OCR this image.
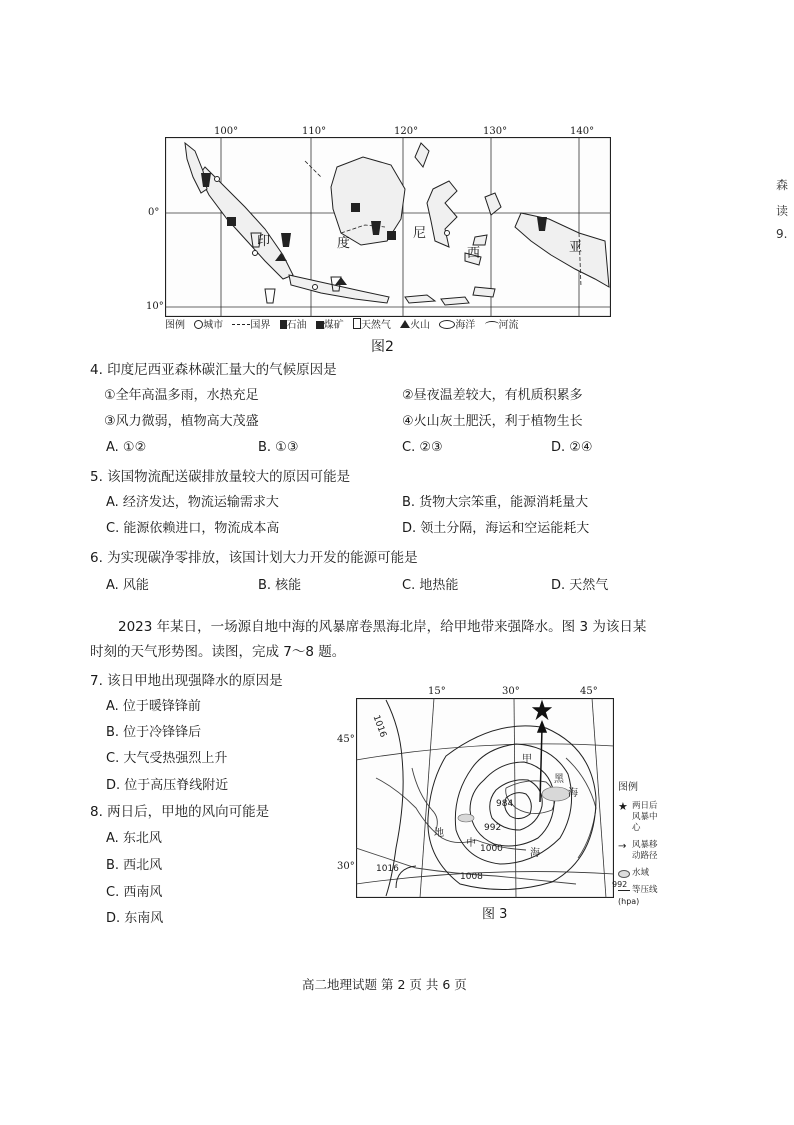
100°	110°	120°	130°	140°
0°
10°
印	度
尼
西	亚
图例 城市	国界 石油 煤矿 天然气 火山	海洋 河流
图2
森
读
9.
4. 印度尼西亚森林碳汇量大的气候原因是
①全年高温多雨，水热充足	②昼夜温差较大，有机质积累多
③风力微弱，植物高大茂盛	④火山灰土肥沃，利于植物生长
A. ①②	B. ①③	C. ②③	D. ②④
5. 该国物流配送碳排放量较大的原因可能是
A. 经济发达，物流运输需求大	B. 货物大宗笨重，能源消耗量大
C. 能源依赖进口，物流成本高	D. 领土分隔，海运和空运能耗大
6. 为实现碳净零排放，该国计划大力开发的能源可能是
A. 风能	B. 核能	C. 地热能	D. 天然气
2023 年某日，一场源自地中海的风暴席卷黑海北岸，给甲地带来强降水。图 3 为该日某
时刻的天气形势图。读图，完成 7～8 题。
7. 该日甲地出现强降水的原因是
A. 位于暖锋锋前
B. 位于冷锋锋后
C. 大气受热强烈上升
D. 位于高压脊线附近
8. 两日后，甲地的风向可能是
A. 东北风
B. 西北风
C. 西南风
D. 东南风
15°	30°	45°
45°
30°
1016
984
992
1000
1008
1016
甲
黑
海
地
中
海
图例
★ 两日后风暴中心
→ 风暴移动路径
水域
992
等压线
(hpa)
图 3
高二地理试题 第 2 页 共 6 页
